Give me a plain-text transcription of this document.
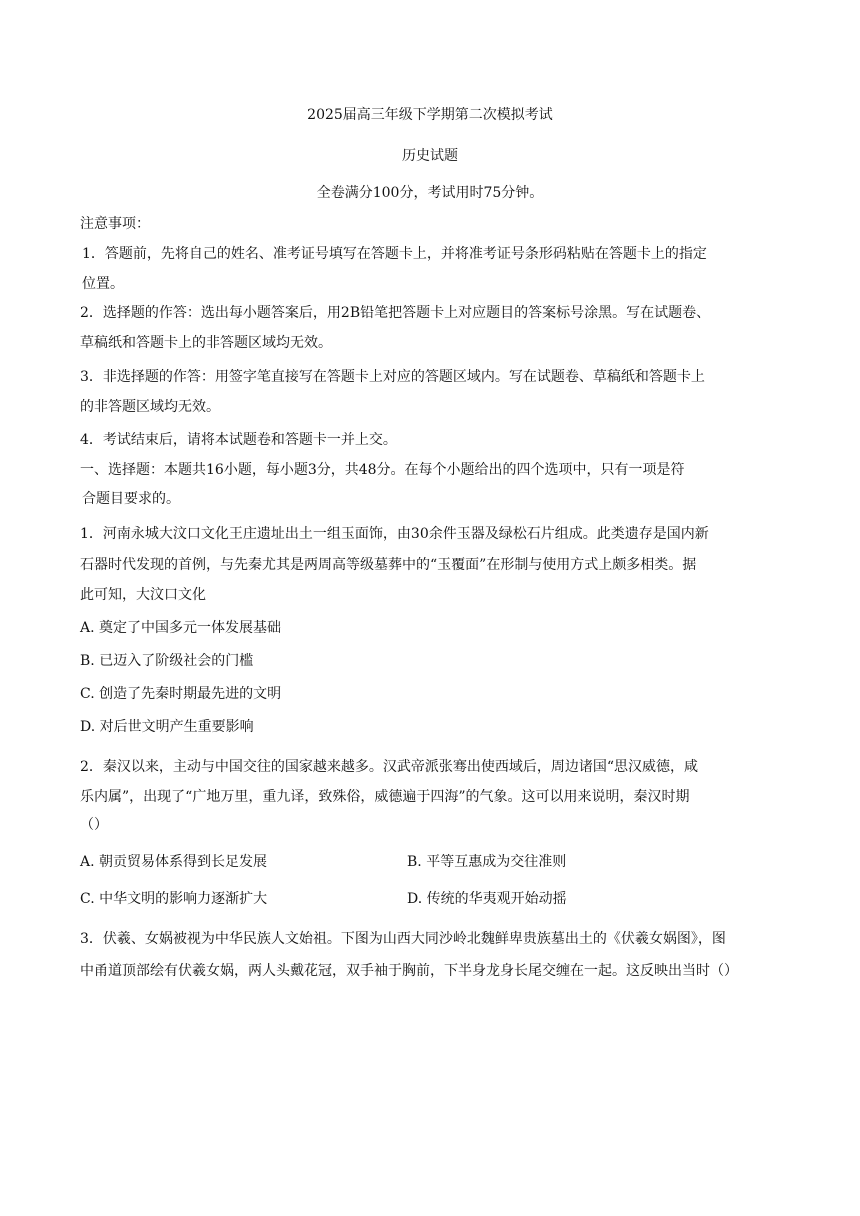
2025届高三年级下学期第二次模拟考试
历史试题
全卷满分100分，考试用时75分钟。
注意事项：
1．答题前，先将自己的姓名、准考证号填写在答题卡上，并将准考证号条形码粘贴在答题卡上的指定
位置。
2．选择题的作答：选出每小题答案后，用2B铅笔把答题卡上对应题目的答案标号涂黑。写在试题卷、
草稿纸和答题卡上的非答题区域均无效。
3．非选择题的作答：用签字笔直接写在答题卡上对应的答题区域内。写在试题卷、草稿纸和答题卡上
的非答题区域均无效。
4．考试结束后，请将本试题卷和答题卡一并上交。
一、选择题：本题共16小题，每小题3分，共48分。在每个小题给出的四个选项中，只有一项是符
合题目要求的。
1．河南永城大汶口文化王庄遗址出土一组玉面饰，由30余件玉器及绿松石片组成。此类遗存是国内新
石器时代发现的首例，与先秦尤其是两周高等级墓葬中的“玉覆面”在形制与使用方式上颇多相类。据
此可知，大汶口文化
A. 奠定了中国多元一体发展基础
B. 已迈入了阶级社会的门槛
C. 创造了先秦时期最先进的文明
D. 对后世文明产生重要影响
2．秦汉以来，主动与中国交往的国家越来越多。汉武帝派张骞出使西域后，周边诸国“思汉威德，咸
乐内属”，出现了“广地万里，重九译，致殊俗，威德遍于四海”的气象。这可以用来说明，秦汉时期
（）
A. 朝贡贸易体系得到长足发展	B. 平等互惠成为交往准则
C. 中华文明的影响力逐渐扩大	D. 传统的华夷观开始动摇
3．伏羲、女娲被视为中华民族人文始祖。下图为山西大同沙岭北魏鲜卑贵族墓出土的《伏羲女娲图》，图
中甬道顶部绘有伏羲女娲，两人头戴花冠，双手袖于胸前，下半身龙身长尾交缠在一起。这反映出当时（）
